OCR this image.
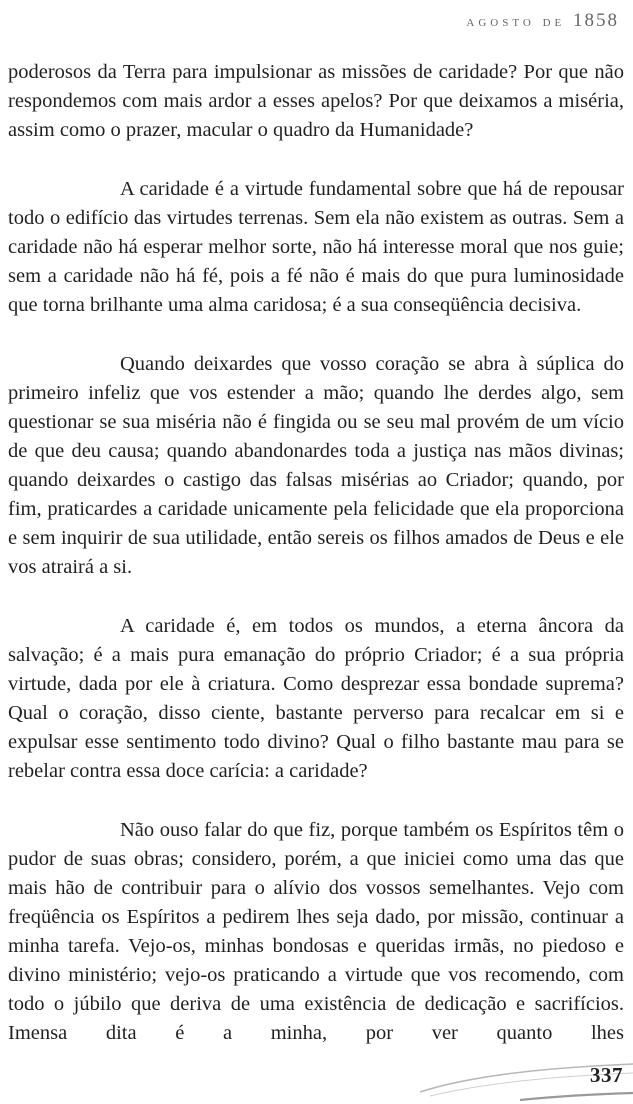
agosto de 1858

poderosos da Terra para impulsionar as missões de caridade? Por que não respondemos com mais ardor a esses apelos? Por que deixamos a miséria, assim como o prazer, macular o quadro da Humanidade?

A caridade é a virtude fundamental sobre que há de repousar todo o edifício das virtudes terrenas. Sem ela não existem as outras. Sem a caridade não há esperar melhor sorte, não há interesse moral que nos guie; sem a caridade não há fé, pois a fé não é mais do que pura luminosidade que torna brilhante uma alma caridosa; é a sua conseqüência decisiva.

Quando deixardes que vosso coração se abra à súplica do primeiro infeliz que vos estender a mão; quando lhe derdes algo, sem questionar se sua miséria não é fingida ou se seu mal provém de um vício de que deu causa; quando abandonardes toda a justiça nas mãos divinas; quando deixardes o castigo das falsas misérias ao Criador; quando, por fim, praticardes a caridade unicamente pela felicidade que ela proporciona e sem inquirir de sua utilidade, então sereis os filhos amados de Deus e ele vos atrairá a si.

A caridade é, em todos os mundos, a eterna âncora da salvação; é a mais pura emanação do próprio Criador; é a sua própria virtude, dada por ele à criatura. Como desprezar essa bondade suprema? Qual o coração, disso ciente, bastante perverso para recalcar em si e expulsar esse sentimento todo divino? Qual o filho bastante mau para se rebelar contra essa doce carícia: a caridade?

Não ouso falar do que fiz, porque também os Espíritos têm o pudor de suas obras; considero, porém, a que iniciei como uma das que mais hão de contribuir para o alívio dos vossos semelhantes. Vejo com freqüência os Espíritos a pedirem lhes seja dado, por missão, continuar a minha tarefa. Vejo-os, minhas bondosas e queridas irmãs, no piedoso e divino ministério; vejo-os praticando a virtude que vos recomendo, com todo o júbilo que deriva de uma existência de dedicação e sacrifícios. Imensa dita é a minha, por ver quanto lhes

337
